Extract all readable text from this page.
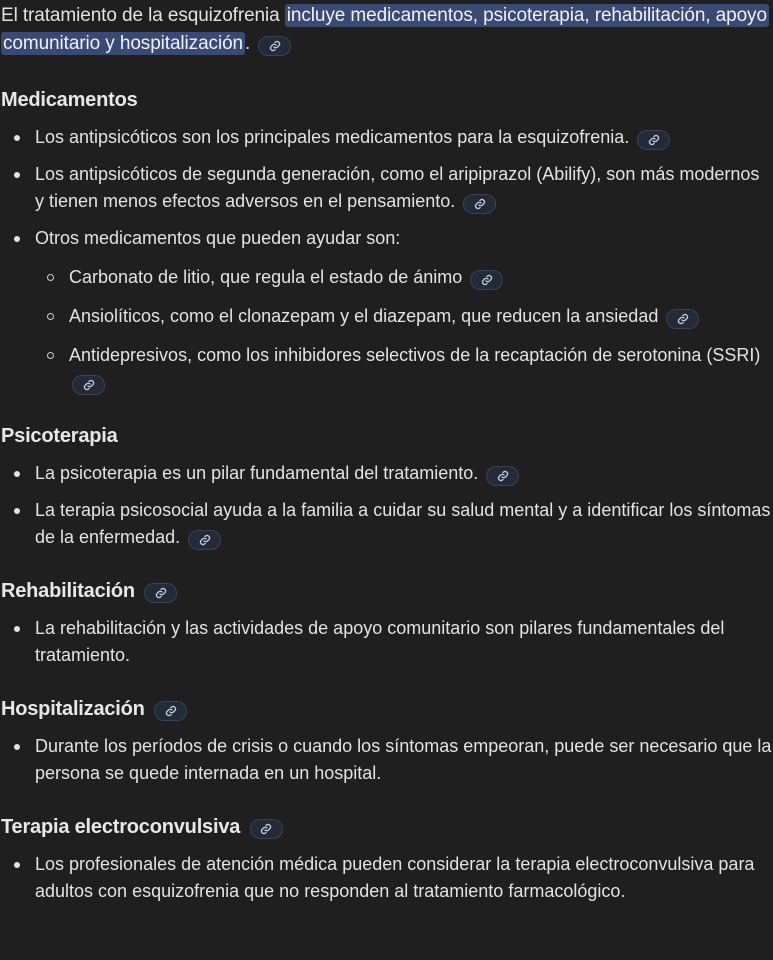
El tratamiento de la esquizofrenia incluye medicamentos, psicoterapia, rehabilitación, apoyo comunitario y hospitalización .

Medicamentos
Los antipsicóticos son los principales medicamentos para la esquizofrenia.
Los antipsicóticos de segunda generación, como el aripiprazol (Abilify), son más modernos y tienen menos efectos adversos en el pensamiento.
Otros medicamentos que pueden ayudar son:
Carbonato de litio, que regula el estado de ánimo
Ansiolíticos, como el clonazepam y el diazepam, que reducen la ansiedad
Antidepresivos, como los inhibidores selectivos de la recaptación de serotonina (SSRI)
Psicoterapia
La psicoterapia es un pilar fundamental del tratamiento.
La terapia psicosocial ayuda a la familia a cuidar su salud mental y a identificar los síntomas de la enfermedad.
Rehabilitación
La rehabilitación y las actividades de apoyo comunitario son pilares fundamentales del tratamiento.
Hospitalización
Durante los períodos de crisis o cuando los síntomas empeoran, puede ser necesario que la persona se quede internada en un hospital.
Terapia electroconvulsiva
Los profesionales de atención médica pueden considerar la terapia electroconvulsiva para adultos con esquizofrenia que no responden al tratamiento farmacológico.
